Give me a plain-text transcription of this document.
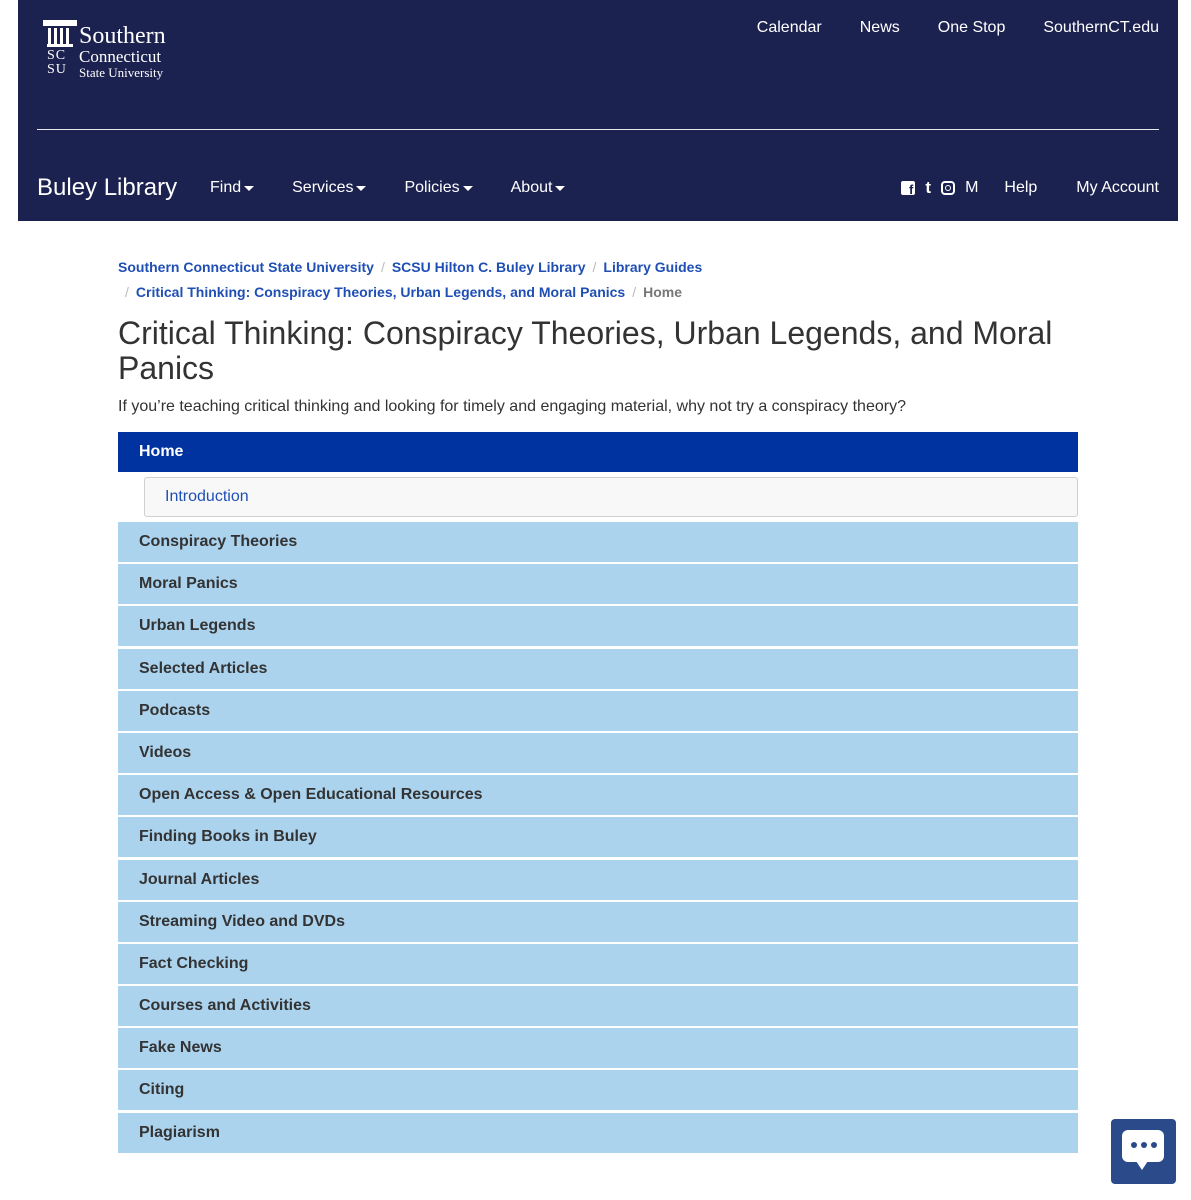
SC
SU
Southern
Connecticut
State University
Calendar News One Stop SouthernCT.edu
Buley Library Find	Services	Policies	About
f	t M Help My Account
Southern Connecticut State University / SCSU Hilton C. Buley Library / Library Guides
/ Critical Thinking: Conspiracy Theories, Urban Legends, and Moral Panics / Home
Critical Thinking: Conspiracy Theories, Urban Legends, and Moral Panics

If you’re teaching critical thinking and looking for timely and engaging material, why not try a conspiracy theory?

Home
Introduction
Conspiracy Theories
Moral Panics
Urban Legends
Selected Articles
Podcasts
Videos
Open Access & Open Educational Resources
Finding Books in Buley
Journal Articles
Streaming Video and DVDs
Fact Checking
Courses and Activities
Fake News
Citing
Plagiarism
